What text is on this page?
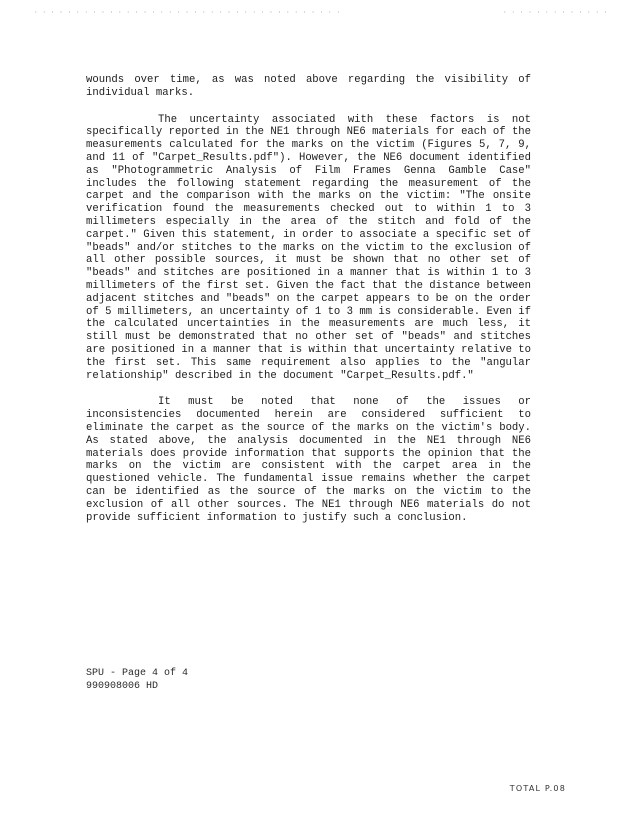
· · · · · · · · · · · · · · · · · · · · · · · · · · · · · · · · · · · · ·	· · · · · · · · · · · · ·

wounds over time, as was noted above regarding the visibility of individual marks.

The uncertainty associated with these factors is not specifically reported in the NE1 through NE6 materials for each of the measurements calculated for the marks on the victim (Figures 5, 7, 9, and 11 of "Carpet_Results.pdf"). However, the NE6 document identified as "Photogrammetric Analysis of Film Frames Genna Gamble Case" includes the following statement regarding the measurement of the carpet and the comparison with the marks on the victim: "The onsite verification found the measurements checked out to within 1 to 3 millimeters especially in the area of the stitch and fold of the carpet." Given this statement, in order to associate a specific set of "beads" and/or stitches to the marks on the victim to the exclusion of all other possible sources, it must be shown that no other set of "beads" and stitches are positioned in a manner that is within 1 to 3 millimeters of the first set. Given the fact that the distance between adjacent stitches and "beads" on the carpet appears to be on the order of 5 millimeters, an uncertainty of 1 to 3 mm is considerable. Even if the calculated uncertainties in the measurements are much less, it still must be demonstrated that no other set of "beads" and stitches are positioned in a manner that is within that uncertainty relative to the first set. This same requirement also applies to the "angular relationship" described in the document "Carpet_Results.pdf."

It must be noted that none of the issues or inconsistencies documented herein are considered sufficient to eliminate the carpet as the source of the marks on the victim's body. As stated above, the analysis documented in the NE1 through NE6 materials does provide information that supports the opinion that the marks on the victim are consistent with the carpet area in the questioned vehicle. The fundamental issue remains whether the carpet can be identified as the source of the marks on the victim to the exclusion of all other sources. The NE1 through NE6 materials do not provide sufficient information to justify such a conclusion.

SPU - Page 4 of 4
990908006 HD
TOTAL P.08
